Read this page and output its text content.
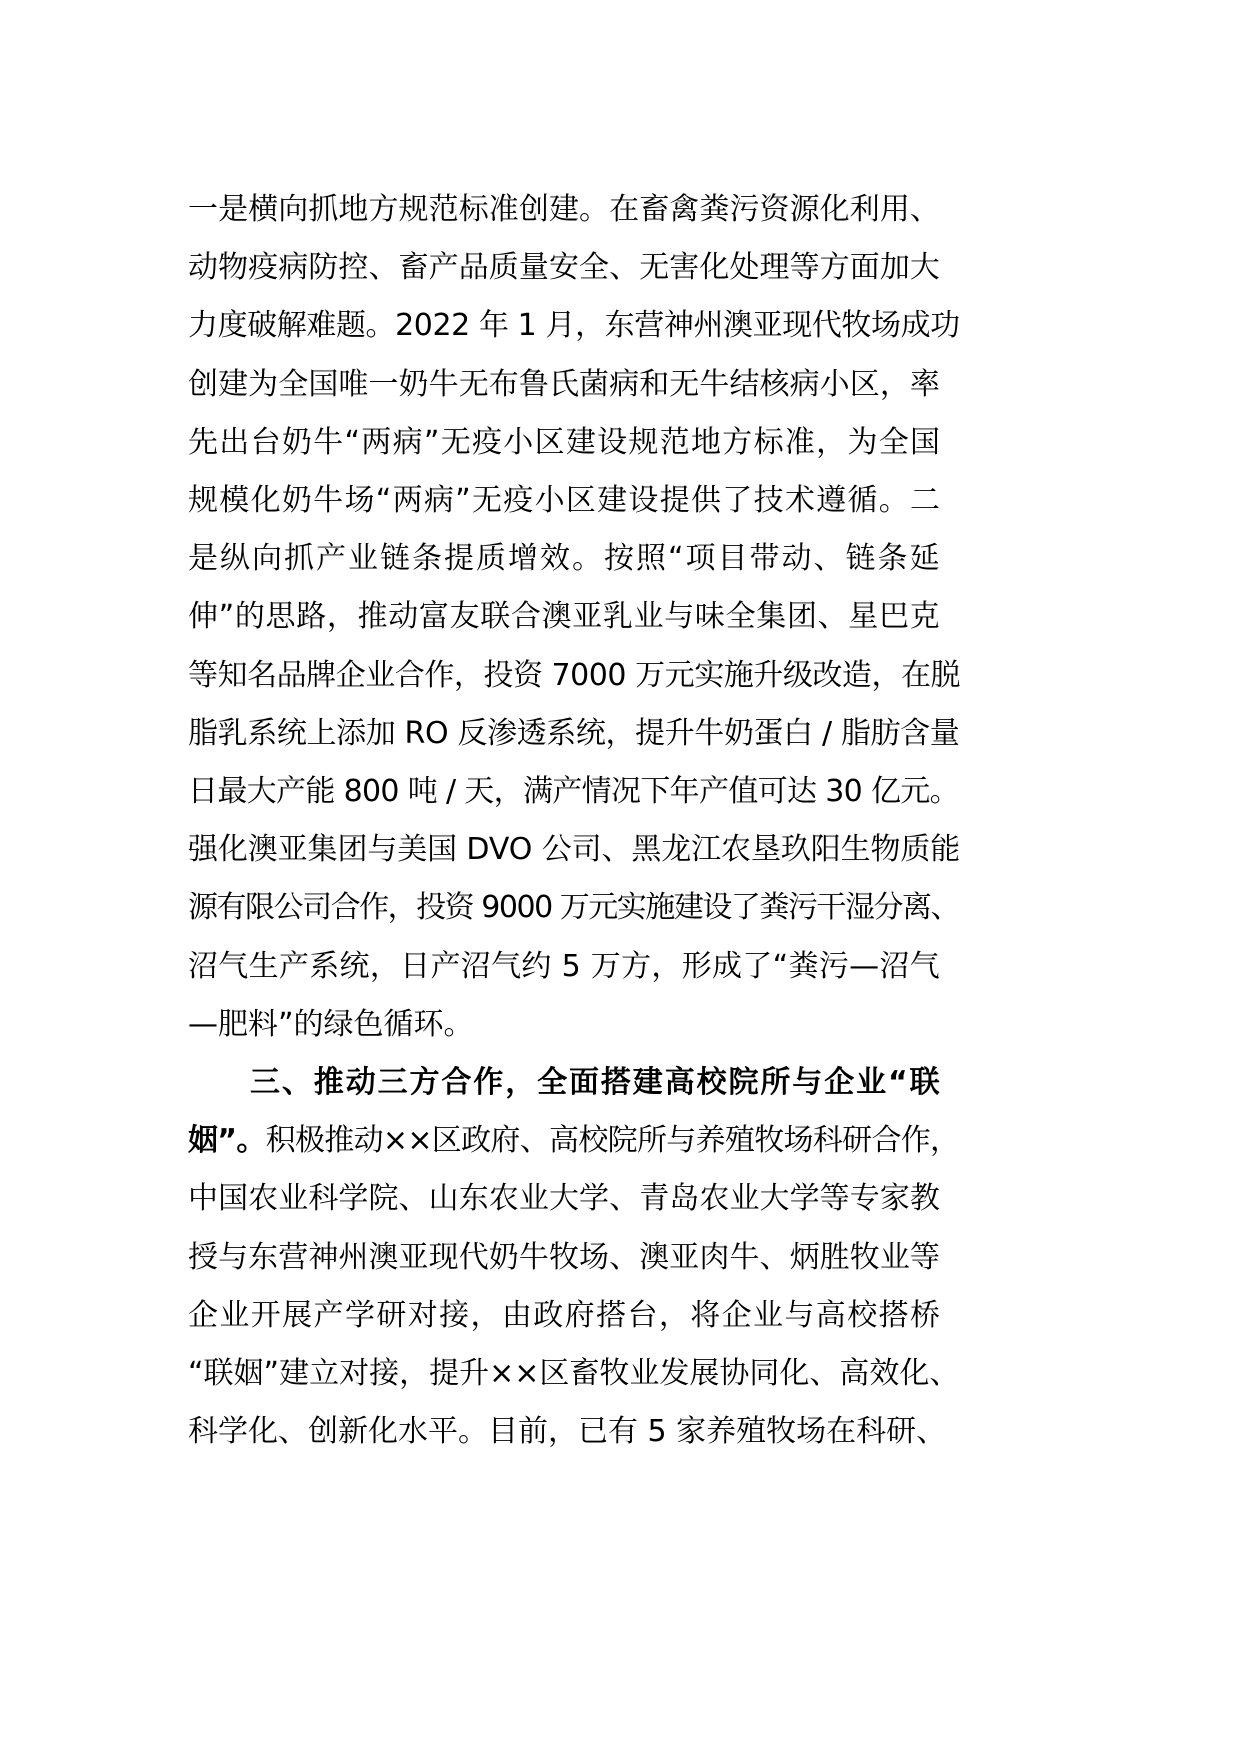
一是横向抓地方规范标准创建。在畜禽粪污资源化利用、
动物疫病防控、畜产品质量安全、无害化处理等方面加大
力度破解难题。2022 年 1 月，东营神州澳亚现代牧场成功
创建为全国唯一奶牛无布鲁氏菌病和无牛结核病小区，率
先出台奶牛“两病”无疫小区建设规范地方标准，为全国
规模化奶牛场“两病”无疫小区建设提供了技术遵循。二
是纵向抓产业链条提质增效。按照“项目带动、链条延
伸”的思路，推动富友联合澳亚乳业与味全集团、星巴克
等知名品牌企业合作，投资 7000 万元实施升级改造，在脱
脂乳系统上添加 RO 反渗透系统，提升牛奶蛋白 / 脂肪含量
日最大产能 800 吨 / 天，满产情况下年产值可达 30 亿元。
强化澳亚集团与美国 DVO 公司、黑龙江农垦玖阳生物质能
源有限公司合作，投资 9000 万元实施建设了粪污干湿分离、
沼气生产系统，日产沼气约 5 万方，形成了“粪污—沼气
—肥料”的绿色循环。
三、推动三方合作，全面搭建高校院所与企业“联
姻”。积极推动××区政府、高校院所与养殖牧场科研合作，
中国农业科学院、山东农业大学、青岛农业大学等专家教
授与东营神州澳亚现代奶牛牧场、澳亚肉牛、炳胜牧业等
企业开展产学研对接，由政府搭台，将企业与高校搭桥
“联姻”建立对接，提升××区畜牧业发展协同化、高效化、
科学化、创新化水平。目前，已有 5 家养殖牧场在科研、
